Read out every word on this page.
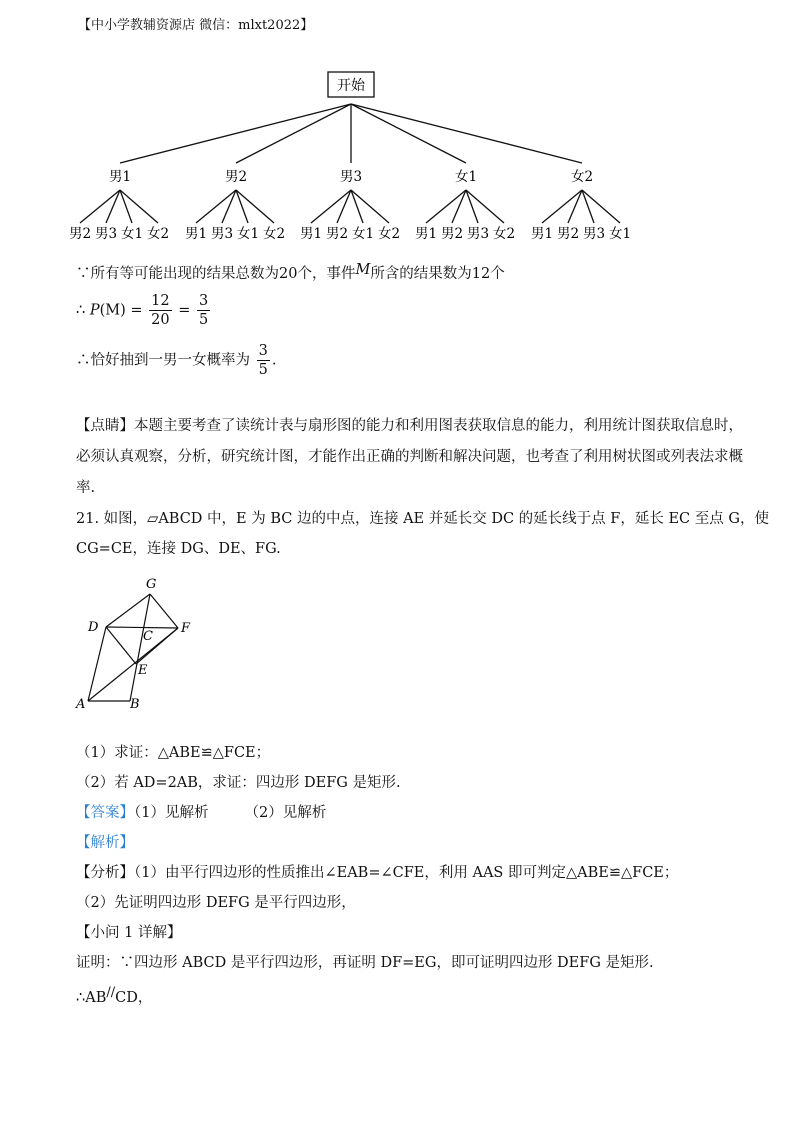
【中小学教辅资源店 微信：mlxt2022】
开始
男1
男2 男3 女1 女2
男2
男1 男3 女1 女2
男3
男1 男2 女1 女2
女1
男1 男2 男3 女2
女2
男1 男2 男3 女1
∵所有等可能出现的结果总数为20个，事件M所含的结果数为12个
∴ $P(M) = \frac{12}{20} = \frac{3}{5}$
∴恰好抽到一男一女概率为 $\frac{3}{5}$ .
【点睛】本题主要考查了读统计表与扇形图的能力和利用图表获取信息的能力，利用统计图获取信息时，
必须认真观察，分析，研究统计图，才能作出正确的判断和解决问题，也考查了利用树状图或列表法求概
率.
21. 如图，▱ABCD 中，E 为 BC 边的中点，连接 AE 并延长交 DC 的延长线于点 F，延长 EC 至点 G，使
CG=CE，连接 DG、DE、FG.
G
D
C
F
E
A	B
（1）求证：△ABE≌△FCE；
（2）若 AD=2AB，求证：四边形 DEFG 是矩形.
【答案】（1）见解析 （2）见解析
【解析】
【分析】（1）由平行四边形的性质推出∠EAB=∠CFE，利用 AAS 即可判定△ABE≌△FCE；
（2）先证明四边形 DEFG 是平行四边形，
【小问 1 详解】
证明：∵四边形 ABCD 是平行四边形，再证明 DF=EG，即可证明四边形 DEFG 是矩形.
∴AB//CD，
